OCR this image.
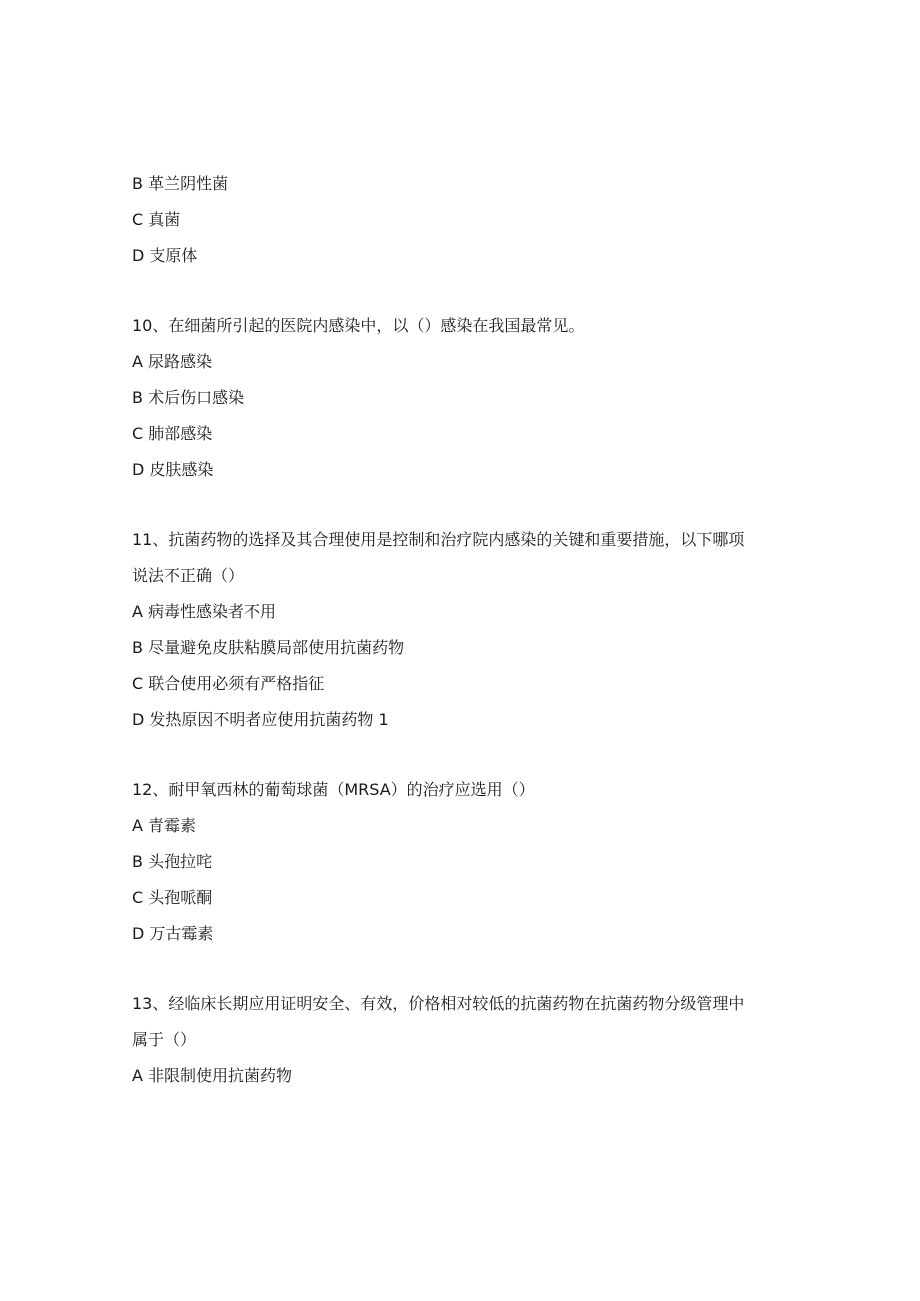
B 革兰阴性菌
C 真菌
D 支原体
10、在细菌所引起的医院内感染中，以（）感染在我国最常见。
A 尿路感染
B 术后伤口感染
C 肺部感染
D 皮肤感染
11、抗菌药物的选择及其合理使用是控制和治疗院内感染的关键和重要措施，以下哪项
说法不正确（）
A 病毒性感染者不用
B 尽量避免皮肤粘膜局部使用抗菌药物
C 联合使用必须有严格指征
D 发热原因不明者应使用抗菌药物 1
12、耐甲氧西林的葡萄球菌（MRSA）的治疗应选用（）
A 青霉素
B 头孢拉咤
C 头孢哌酮
D 万古霉素
13、经临床长期应用证明安全、有效，价格相对较低的抗菌药物在抗菌药物分级管理中
属于（）
A 非限制使用抗菌药物
